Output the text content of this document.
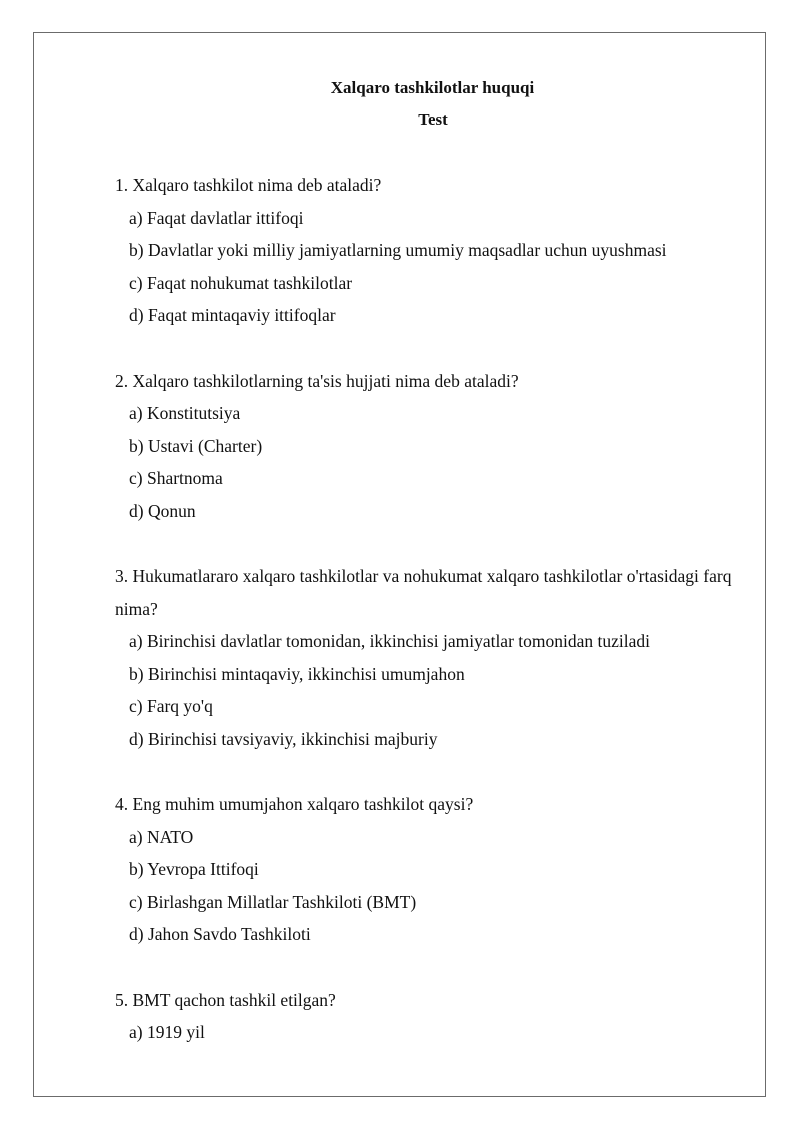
Xalqaro tashkilotlar huquqi

Test

1. Xalqaro tashkilot nima deb ataladi?

a) Faqat davlatlar ittifoqi

b) Davlatlar yoki milliy jamiyatlarning umumiy maqsadlar uchun uyushmasi

c) Faqat nohukumat tashkilotlar

d) Faqat mintaqaviy ittifoqlar

2. Xalqaro tashkilotlarning ta'sis hujjati nima deb ataladi?

a) Konstitutsiya

b) Ustavi (Charter)

c) Shartnoma

d) Qonun

3. Hukumatlararo xalqaro tashkilotlar va nohukumat xalqaro tashkilotlar o'rtasidagi farq nima?

a) Birinchisi davlatlar tomonidan, ikkinchisi jamiyatlar tomonidan tuziladi

b) Birinchisi mintaqaviy, ikkinchisi umumjahon

c) Farq yo'q

d) Birinchisi tavsiyaviy, ikkinchisi majburiy

4. Eng muhim umumjahon xalqaro tashkilot qaysi?

a) NATO

b) Yevropa Ittifoqi

c) Birlashgan Millatlar Tashkiloti (BMT)

d) Jahon Savdo Tashkiloti

5. BMT qachon tashkil etilgan?

a) 1919 yil
